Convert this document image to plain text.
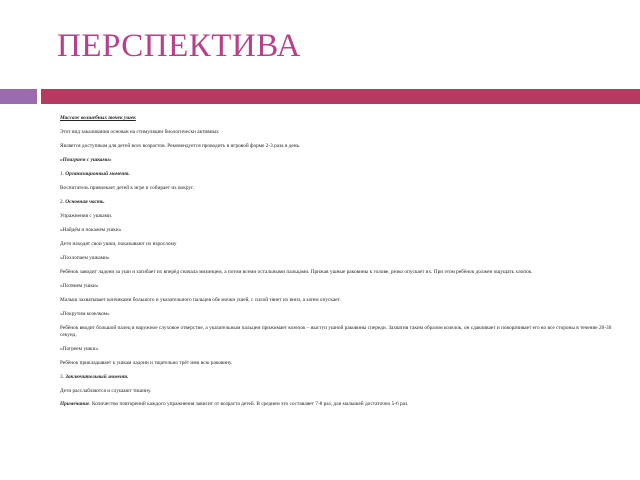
ПЕРСПЕКТИВА

Массаж волшебных точек ушек

Этот вид закаливания основан на стимуляции биологически активных

Является доступным для детей всех возрастов. Рекомендуется проводить в игровой форме 2-3 раза в день.

«Поиграем с ушками»

1. Организационный момент.

Воспитатель привлекает детей к игре и собирает их вокруг.

2. Основная часть.

Упражнения с ушками.

«Найдём и покажем ушки»

Дети находят свои ушки, показывают их взрослому

«Похлопаем ушками»

Ребёнок заводит ладони за уши и загибает их вперёд сначала мизинцем, а потом всеми остальными пальцами. Прижав ушные раковины к голове, резко опускает их. При этом ребёнок должен ощущать хлопок.

«Потянем ушки»

Малыш захватывает кончиками большого и указательного пальцев обе мочки ушей, с силой тянет их вниз, а затем опускает.

«Покрутим козелком»

Ребёнок вводит большой палец в наружное слуховое отверстие, а указательным пальцем прижимает козелок – выступ ушной раковины спереди. Захватив таким образом козелок, он сдавливает и поворачивает его во все стороны в течение 20-30 секунд.

«Погреем ушки»

Ребёнок прикладывает к ушкам ладони и тщательно трёт ими всю раковину.

3. Заключительный момент.

Дети расслабляются и слушают тишину.

Примечание. Количество повторений каждого упражнения зависит от возраста детей. В среднем это составляет 7-8 раз, для малышей достаточно 5-6 раз.
